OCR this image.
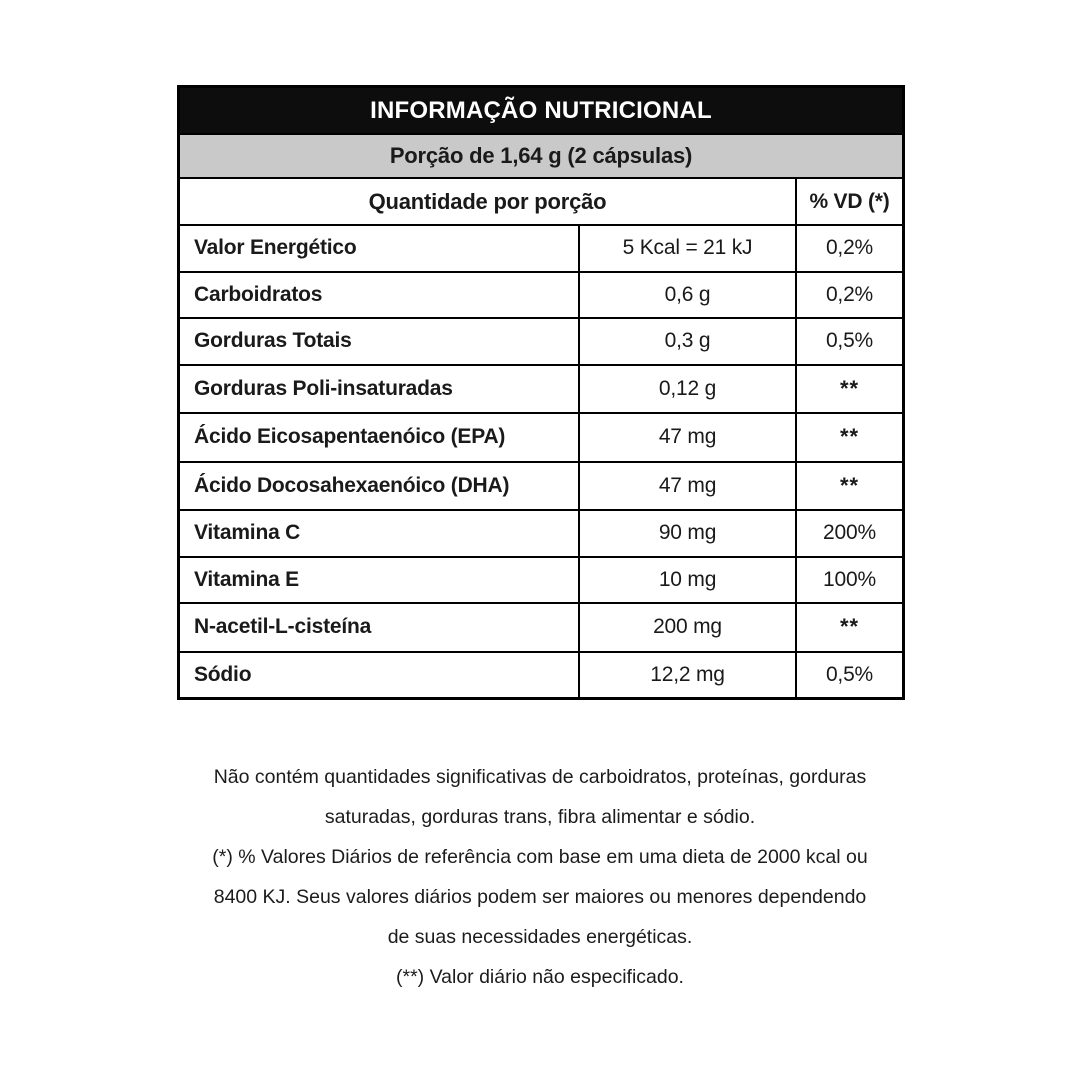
INFORMAÇÃO NUTRICIONAL
Porção de 1,64 g (2 cápsulas)
Quantidade por porção	% VD (*)
Valor Energético	5 Kcal = 21 kJ	0,2%
Carboidratos	0,6 g	0,2%
Gorduras Totais	0,3 g	0,5%
Gorduras Poli-insaturadas	0,12 g	**
Ácido Eicosapentaenóico (EPA)	47 mg	**
Ácido Docosahexaenóico (DHA)	47 mg	**
Vitamina C	90 mg	200%
Vitamina E	10 mg	100%
N-acetil-L-cisteína	200 mg	**
Sódio	12,2 mg	0,5%
Não contém quantidades significativas de carboidratos, proteínas, gorduras
saturadas, gorduras trans, fibra alimentar e sódio.
(*) % Valores Diários de referência com base em uma dieta de 2000 kcal ou
8400 KJ. Seus valores diários podem ser maiores ou menores dependendo
de suas necessidades energéticas.
(**) Valor diário não especificado.
